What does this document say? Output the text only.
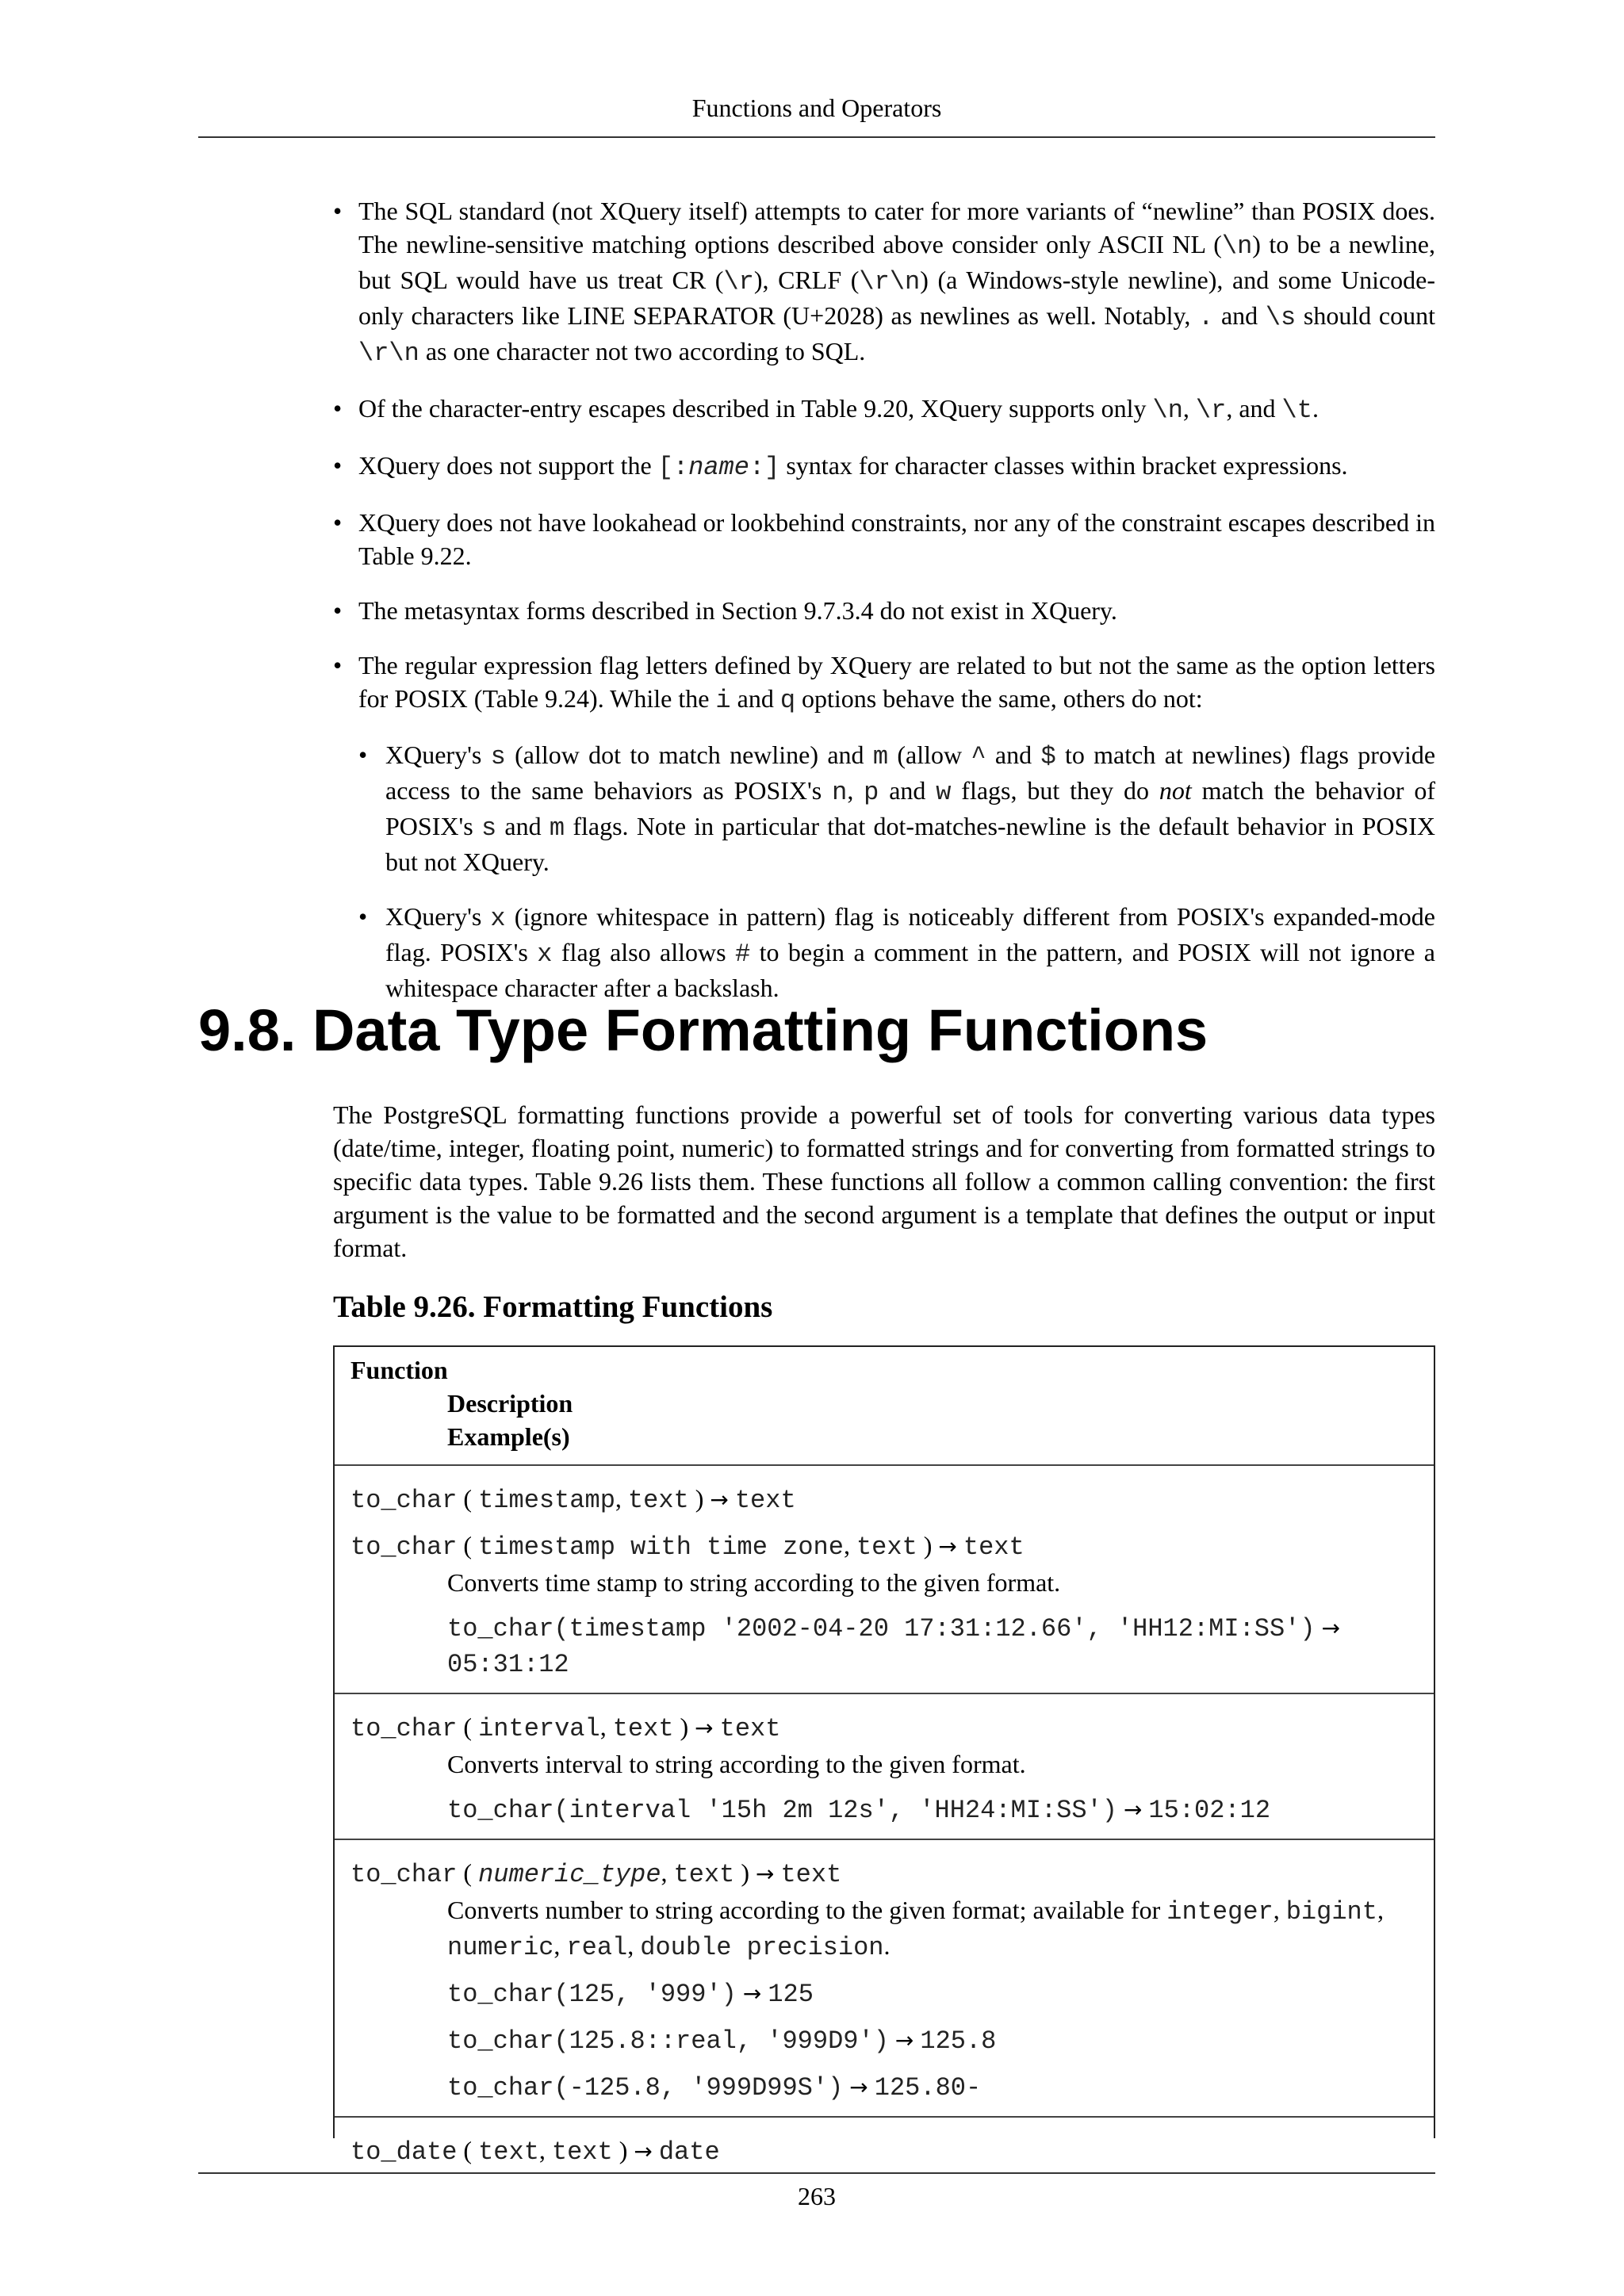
Functions and Operators
• The SQL standard (not XQuery itself) attempts to cater for more variants of “newline” than POSIX does. The newline-sensitive matching options described above consider only ASCII NL (\n) to be a newline, but SQL would have us treat CR (\r), CRLF (\r\n) (a Windows-style newline), and some Unicode-only characters like LINE SEPARATOR (U+2028) as newlines as well. Notably, . and \s should count \r\n as one character not two according to SQL.
• Of the character-entry escapes described in Table 9.20, XQuery supports only \n, \r, and \t.
• XQuery does not support the [:name:] syntax for character classes within bracket expressions.
• XQuery does not have lookahead or lookbehind constraints, nor any of the constraint escapes described in Table 9.22.
• The metasyntax forms described in Section 9.7.3.4 do not exist in XQuery.
• The regular expression flag letters defined by XQuery are related to but not the same as the option letters for POSIX (Table 9.24). While the i and q options behave the same, others do not:
• XQuery's s (allow dot to match newline) and m (allow ^ and $ to match at newlines) flags provide access to the same behaviors as POSIX's n, p and w flags, but they do not match the behavior of POSIX's s and m flags. Note in particular that dot-matches-newline is the default behavior in POSIX but not XQuery.
• XQuery's x (ignore whitespace in pattern) flag is noticeably different from POSIX's expanded-mode flag. POSIX's x flag also allows # to begin a comment in the pattern, and POSIX will not ignore a whitespace character after a backslash.
9.8. Data Type Formatting Functions

The PostgreSQL formatting functions provide a powerful set of tools for converting various data types (date/time, integer, floating point, numeric) to formatted strings and for converting from formatted strings to specific data types. Table 9.26 lists them. These functions all follow a common calling convention: the first argument is the value to be formatted and the second argument is a template that defines the output or input format.

Table 9.26. Formatting Functions
Function
Description
Example(s)
to_char ( timestamp, text ) → text
to_char ( timestamp with time zone, text ) → text
Converts time stamp to string according to the given format.
to_char(timestamp '2002-04-20 17:31:12.66', 'HH12:MI:SS') → 05:31:12
to_char ( interval, text ) → text
Converts interval to string according to the given format.
to_char(interval '15h 2m 12s', 'HH24:MI:SS') → 15:02:12
to_char ( numeric_type, text ) → text
Converts number to string according to the given format; available for integer, bigint, numeric, real, double precision.
to_char(125, '999') → 125
to_char(125.8::real, '999D9') → 125.8
to_char(-125.8, '999D99S') → 125.80-
to_date ( text, text ) → date
263
